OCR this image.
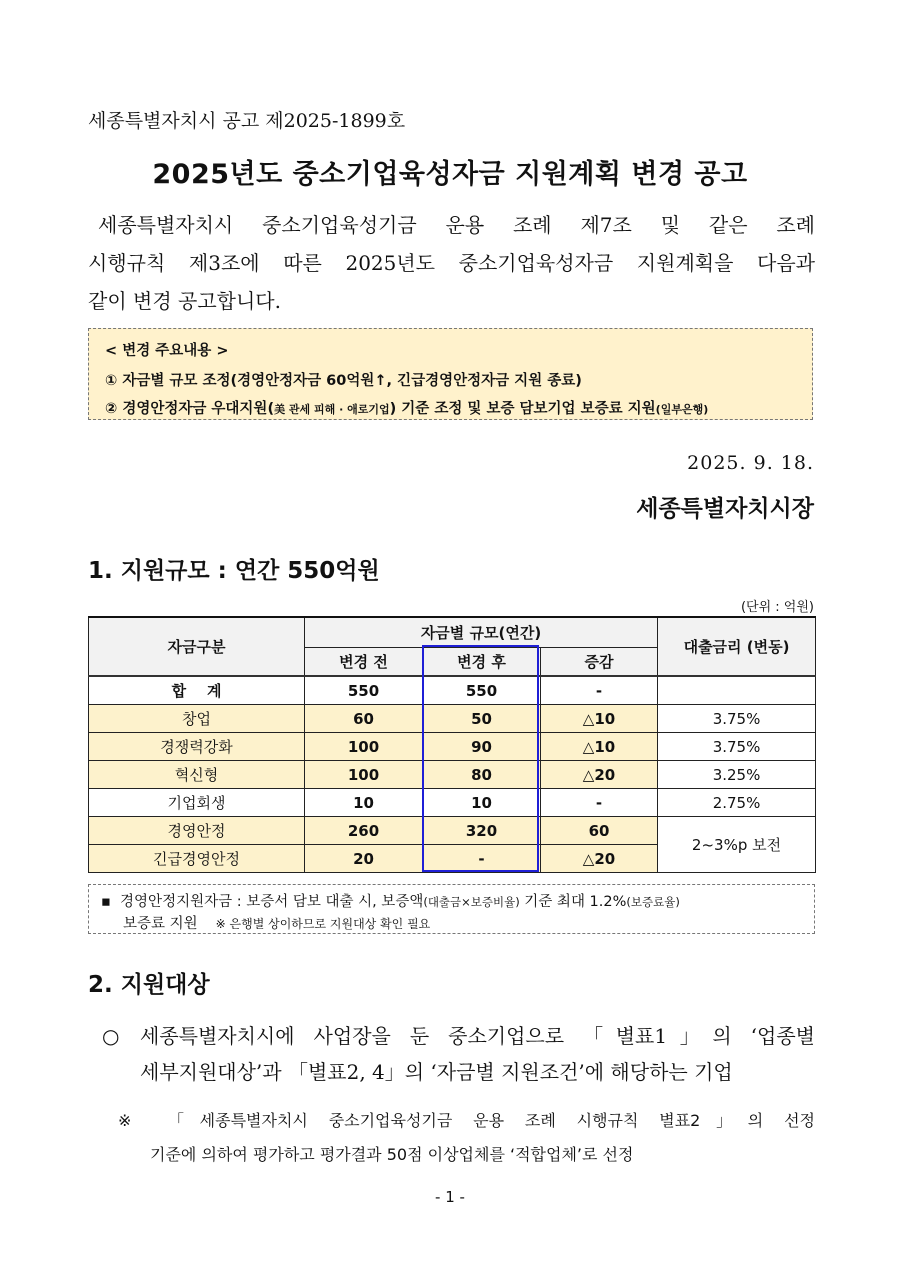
세종특별자치시 공고 제2025-1899호
2025년도 중소기업육성자금 지원계획 변경 공고
세종특별자치시 중소기업육성기금 운용 조례 제7조 및 같은 조례
시행규칙 제3조에 따른 2025년도 중소기업육성자금 지원계획을 다음과
같이 변경 공고합니다.
< 변경 주요내용 >
① 자금별 규모 조정(경영안정자금 60억원↑, 긴급경영안정자금 지원 종료)
② 경영안정자금 우대지원(美 관세 피해 · 애로기업) 기준 조정 및 보증 담보기업 보증료 지원(일부은행)
2025. 9. 18.
세종특별자치시장
1. 지원규모 : 연간 550억원
(단위 : 억원)
자금구분	자금별 규모(연간)			대출금리 (변동)
	변경 전	변경 후	증감	
합    계	550	550	-	
창업	60	50	△10	3.75%
경쟁력강화	100	90	△10	3.75%
혁신형	100	80	△20	3.25%
기업회생	10	10	-	2.75%
경영안정	260	320	60	2~3%p 보전
긴급경영안정	20	-	△20	
▪ 경영안정지원자금 : 보증서 담보 대출 시, 보증액(대출금×보증비율) 기준 최대 1.2%(보증료율)
보증료 지원 ※ 은행별 상이하므로 지원대상 확인 필요
2. 지원대상
○ 세종특별자치시에 사업장을 둔 중소기업으로 「별표1」의 ‘업종별
세부지원대상’과 「별표2, 4」의 ‘자금별 지원조건’에 해당하는 기업
※ 「세종특별자치시 중소기업육성기금 운용 조례 시행규칙 별표2」의 선정
기준에 의하여 평가하고 평가결과 50점 이상업체를 ‘적합업체’로 선정
- 1 -
